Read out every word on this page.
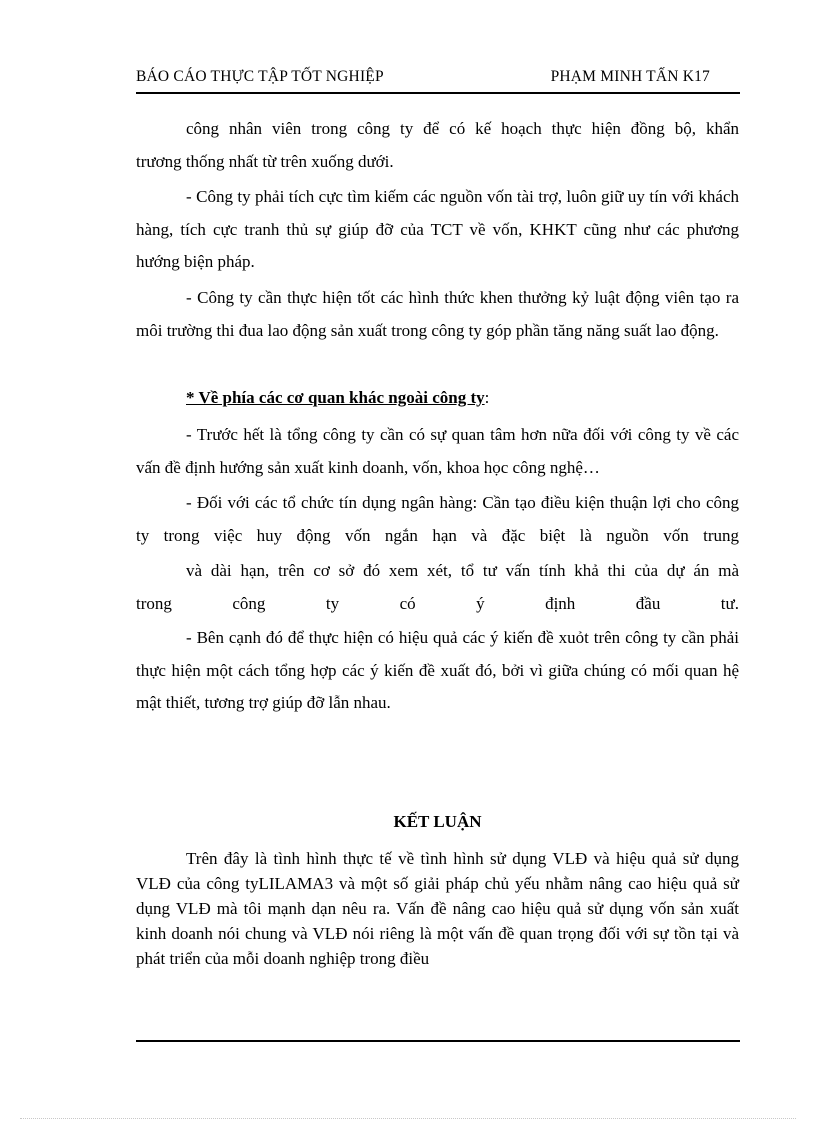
BÁO CÁO THỰC TẬP TỐT NGHIỆP	PHẠM MINH TẤN K17

công nhân viên trong công ty để có kế hoạch thực hiện đồng bộ, khẩn

trương thống nhất từ trên xuống dưới.

- Công ty phải tích cực tìm kiếm các nguồn vốn tài trợ, luôn giữ uy tín với khách hàng, tích cực tranh thủ sự giúp đỡ của TCT về vốn, KHKT cũng như các phương hướng biện pháp.

- Công ty cần thực hiện tốt các hình thức khen thưởng kỷ luật động viên tạo ra môi trường thi đua lao động sản xuất trong công ty góp phần tăng năng suất lao động.

* Về phía các cơ quan khác ngoài công ty:

- Trước hết là tổng công ty cần có sự quan tâm hơn nữa đối với công ty về các vấn đề định hướng sản xuất kinh doanh, vốn, khoa học công nghệ…

- Đối với các tổ chức tín dụng ngân hàng: Cần tạo điều kiện thuận lợi cho công ty trong việc huy động vốn ngắn hạn và đặc biệt là nguồn vốn trung

và dài hạn, trên cơ sở đó xem xét, tổ tư vấn tính khả thi của dự án mà

trong công ty có ý định đầu tư.

- Bên cạnh đó để thực hiện có hiệu quả các ý kiến đề xuỏt trên công ty cần phải thực hiện một cách tổng hợp các ý kiến đề xuất đó, bởi vì giữa chúng có mối quan hệ mật thiết, tương trợ giúp đỡ lẫn nhau.

KẾT LUẬN

Trên đây là tình hình thực tế về tình hình sử dụng VLĐ và hiệu quả sử dụng VLĐ của công tyLILAMA3 và một số giải pháp chủ yếu nhằm nâng cao hiệu quả sử dụng VLĐ mà tôi mạnh dạn nêu ra. Vấn đề nâng cao hiệu quả sử dụng vốn sản xuất kinh doanh nói chung và VLĐ nói riêng là một vấn đề quan trọng đối với sự tồn tại và phát triển của mỗi doanh nghiệp trong điều
